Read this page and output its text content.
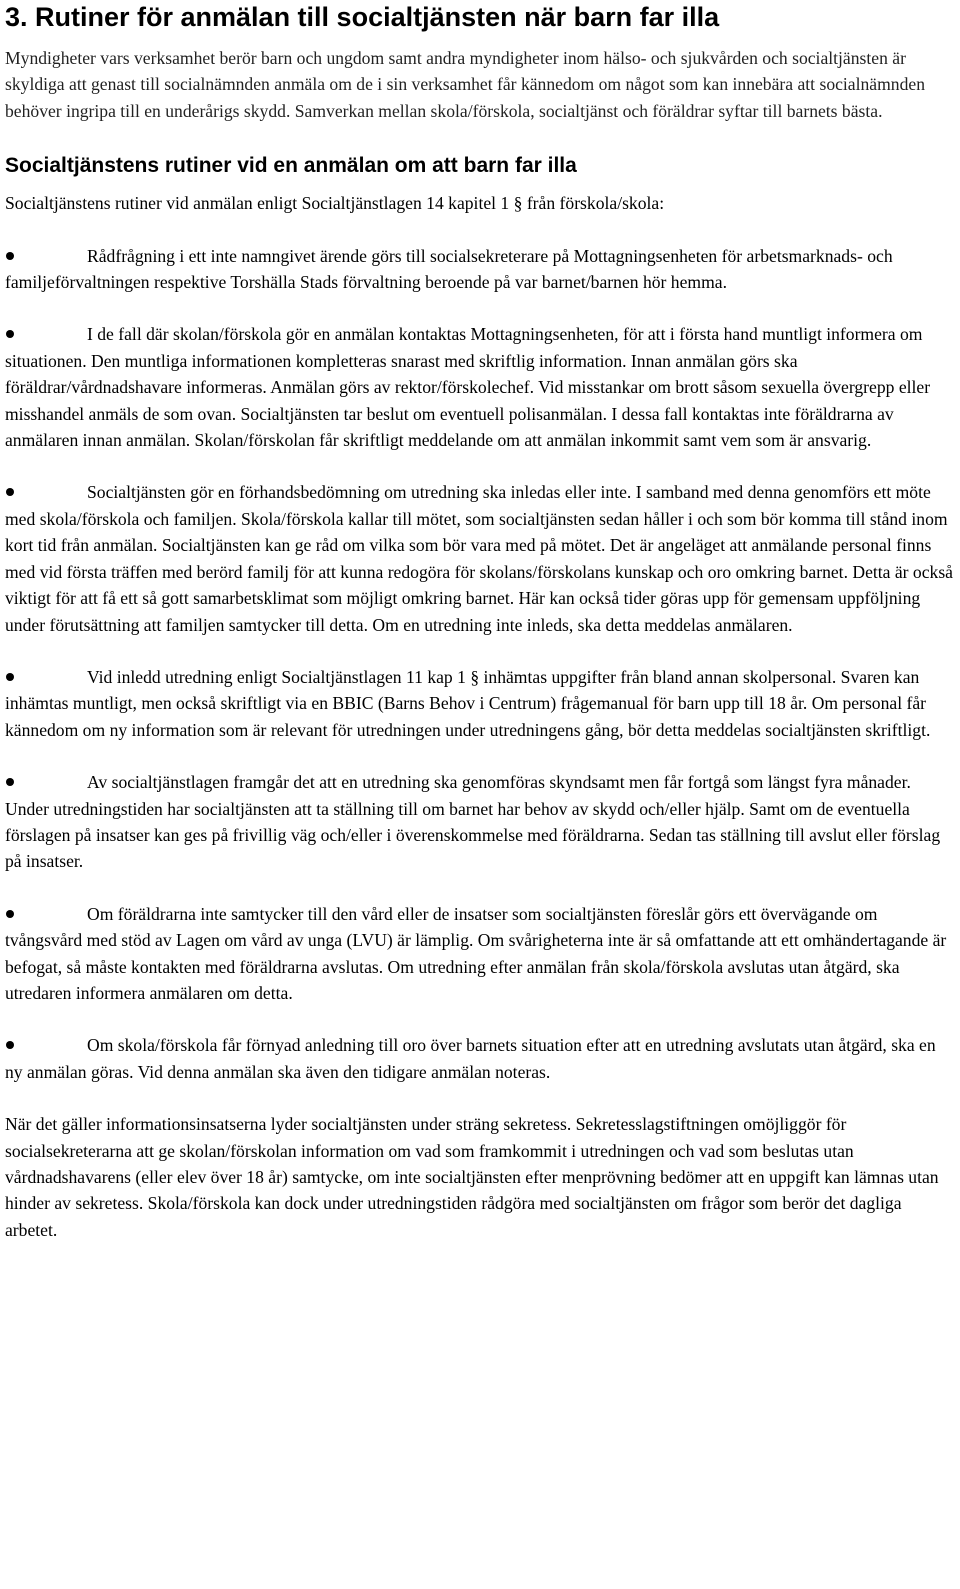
3. Rutiner för anmälan till socialtjänsten när barn far illa

Myndigheter vars verksamhet berör barn och ungdom samt andra myndigheter inom hälso- och sjukvården och socialtjänsten är skyldiga att genast till socialnämnden anmäla om de i sin verksamhet får kännedom om något som kan innebära att socialnämnden behöver ingripa till en underårigs skydd. Samverkan mellan skola/förskola, socialtjänst och föräldrar syftar till barnets bästa.

Socialtjänstens rutiner vid en anmälan om att barn far illa

Socialtjänstens rutiner vid anmälan enligt Socialtjänstlagen 14 kapitel 1 § från förskola/skola:

Rådfrågning i ett inte namngivet ärende görs till socialsekreterare på Mottagningsenheten för arbetsmarknads- och familjeförvaltningen respektive Torshälla Stads förvaltning beroende på var barnet/barnen hör hemma.

I de fall där skolan/förskola gör en anmälan kontaktas Mottagningsenheten, för att i första hand muntligt informera om situationen. Den muntliga informationen kompletteras snarast med skriftlig information. Innan anmälan görs ska föräldrar/vårdnadshavare informeras. Anmälan görs av rektor/förskolechef. Vid misstankar om brott såsom sexuella övergrepp eller misshandel anmäls de som ovan. Socialtjänsten tar beslut om eventuell polisanmälan. I dessa fall kontaktas inte föräldrarna av anmälaren innan anmälan. Skolan/förskolan får skriftligt meddelande om att anmälan inkommit samt vem som är ansvarig.

Socialtjänsten gör en förhandsbedömning om utredning ska inledas eller inte. I samband med denna genomförs ett möte med skola/förskola och familjen. Skola/förskola kallar till mötet, som socialtjänsten sedan håller i och som bör komma till stånd inom kort tid från anmälan. Socialtjänsten kan ge råd om vilka som bör vara med på mötet. Det är angeläget att anmälande personal finns med vid första träffen med berörd familj för att kunna redogöra för skolans/förskolans kunskap och oro omkring barnet. Detta är också viktigt för att få ett så gott samarbetsklimat som möjligt omkring barnet. Här kan också tider göras upp för gemensam uppföljning under förutsättning att familjen samtycker till detta. Om en utredning inte inleds, ska detta meddelas anmälaren.

Vid inledd utredning enligt Socialtjänstlagen 11 kap 1 § inhämtas uppgifter från bland annan skolpersonal. Svaren kan inhämtas muntligt, men också skriftligt via en BBIC (Barns Behov i Centrum) frågemanual för barn upp till 18 år. Om personal får kännedom om ny information som är relevant för utredningen under utredningens gång, bör detta meddelas socialtjänsten skriftligt.

Av socialtjänstlagen framgår det att en utredning ska genomföras skyndsamt men får fortgå som längst fyra månader. Under utredningstiden har socialtjänsten att ta ställning till om barnet har behov av skydd och/eller hjälp. Samt om de eventuella förslagen på insatser kan ges på frivillig väg och/eller i överenskommelse med föräldrarna. Sedan tas ställning till avslut eller förslag på insatser.

Om föräldrarna inte samtycker till den vård eller de insatser som socialtjänsten föreslår görs ett övervägande om tvångsvård med stöd av Lagen om vård av unga (LVU) är lämplig. Om svårigheterna inte är så omfattande att ett omhändertagande är befogat, så måste kontakten med föräldrarna avslutas. Om utredning efter anmälan från skola/förskola avslutas utan åtgärd, ska utredaren informera anmälaren om detta.

Om skola/förskola får förnyad anledning till oro över barnets situation efter att en utredning avslutats utan åtgärd, ska en ny anmälan göras. Vid denna anmälan ska även den tidigare anmälan noteras.

När det gäller informationsinsatserna lyder socialtjänsten under sträng sekretess. Sekretesslagstiftningen omöjliggör för socialsekreterarna att ge skolan/förskolan information om vad som framkommit i utredningen och vad som beslutas utan vårdnadshavarens (eller elev över 18 år) samtycke, om inte socialtjänsten efter menprövning bedömer att en uppgift kan lämnas utan hinder av sekretess. Skola/förskola kan dock under utredningstiden rådgöra med socialtjänsten om frågor som berör det dagliga arbetet.
